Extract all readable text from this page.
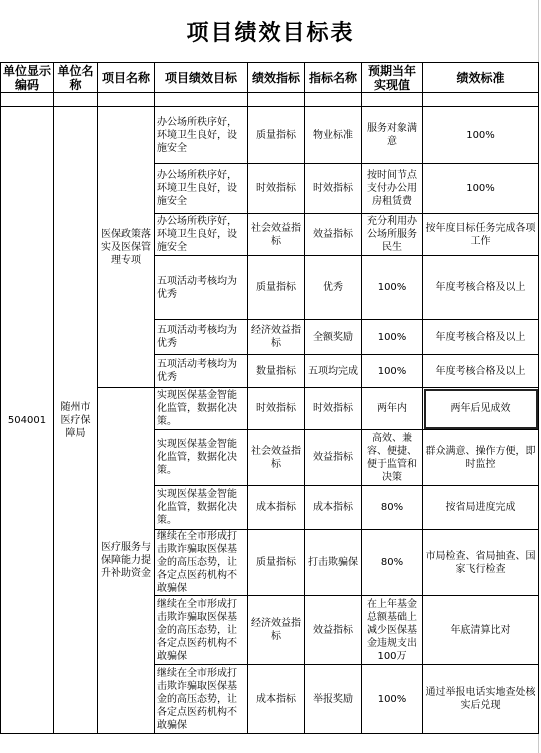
项目绩效目标表
单位显示编码	单位名称	项目名称	项目绩效目标	绩效指标	指标名称	预期当年实现值	绩效标准

504001	随州市医疗保障局	医保政策落实及医保管理专项	办公场所秩序好，环境卫生良好，设施安全	质量指标	物业标准	服务对象满意	100%
			办公场所秩序好，环境卫生良好，设施安全	时效指标	时效指标	按时间节点支付办公用房租赁费	100%
			办公场所秩序好，环境卫生良好，设施安全	社会效益指标	效益指标	充分利用办公场所服务民生	按年度目标任务完成各项工作
			五项活动考核均为优秀	质量指标	优秀	100%	年度考核合格及以上
			五项活动考核均为优秀	经济效益指标	全额奖励	100%	年度考核合格及以上
			五项活动考核均为优秀	数量指标	五项均完成	100%	年度考核合格及以上
		医疗服务与保障能力提升补助资金	实现医保基金智能化监管，数据化决策。	时效指标	时效指标	两年内	两年后见成效
			实现医保基金智能化监管，数据化决策。	社会效益指标	效益指标	高效、兼容、便捷、便于监管和决策	群众满意、操作方便，即时监控
			实现医保基金智能化监管，数据化决策。	成本指标	成本指标	80%	按省局进度完成
			继续在全市形成打击欺诈骗取医保基金的高压态势，让各定点医药机构不敢骗保	质量指标	打击欺骗保	80%	市局检查、省局抽查、国家飞行检查
			继续在全市形成打击欺诈骗取医保基金的高压态势，让各定点医药机构不敢骗保	经济效益指标	效益指标	在上年基金总额基础上减少医保基金违规支出100万	年底清算比对
			继续在全市形成打击欺诈骗取医保基金的高压态势，让各定点医药机构不敢骗保	成本指标	举报奖励	100%	通过举报电话实地查处核实后兑现
